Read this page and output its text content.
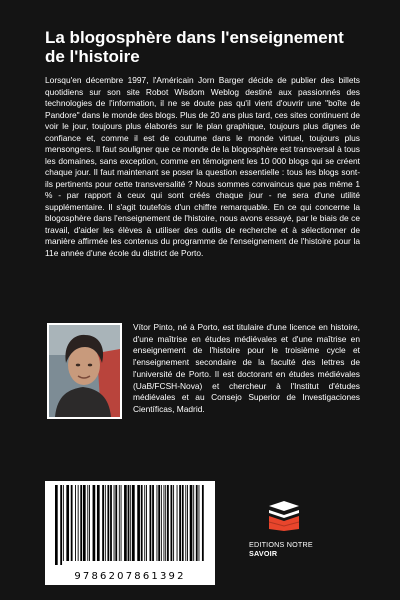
La blogosphère dans l'enseignement de l'histoire

Lorsqu'en décembre 1997, l'Américain Jorn Barger décide de publier des billets quotidiens sur son site Robot Wisdom Weblog destiné aux passionnés des technologies de l'information, il ne se doute pas qu'il vient d'ouvrir une "boîte de Pandore" dans le monde des blogs. Plus de 20 ans plus tard, ces sites continuent de voir le jour, toujours plus élaborés sur le plan graphique, toujours plus dignes de confiance et, comme il est de coutume dans le monde virtuel, toujours plus mensongers. Il faut souligner que ce monde de la blogosphère est transversal à tous les domaines, sans exception, comme en témoignent les 10 000 blogs qui se créent chaque jour. Il faut maintenant se poser la question essentielle : tous les blogs sont-ils pertinents pour cette transversalité ? Nous sommes convaincus que pas même 1 % - par rapport à ceux qui sont créés chaque jour - ne sera d'une utilité supplémentaire. Il s'agit toutefois d'un chiffre remarquable. En ce qui concerne la blogosphère dans l'enseignement de l'histoire, nous avons essayé, par le biais de ce travail, d'aider les élèves à utiliser des outils de recherche et à sélectionner de manière affirmée les contenus du programme de l'enseignement de l'histoire pour la 11e année d'une école du district de Porto.

Vítor Pinto, né à Porto, est titulaire d'une licence en histoire, d'une maîtrise en études médiévales et d'une maîtrise en enseignement de l'histoire pour le troisième cycle et l'enseignement secondaire de la faculté des lettres de l'université de Porto. Il est doctorant en études médiévales (UaB/FCSH-Nova) et chercheur à l'Institut d'études médiévales et au Consejo Superior de Investigaciones Científicas, Madrid.

9786207861392
EDITIONS NOTRE SAVOIR
